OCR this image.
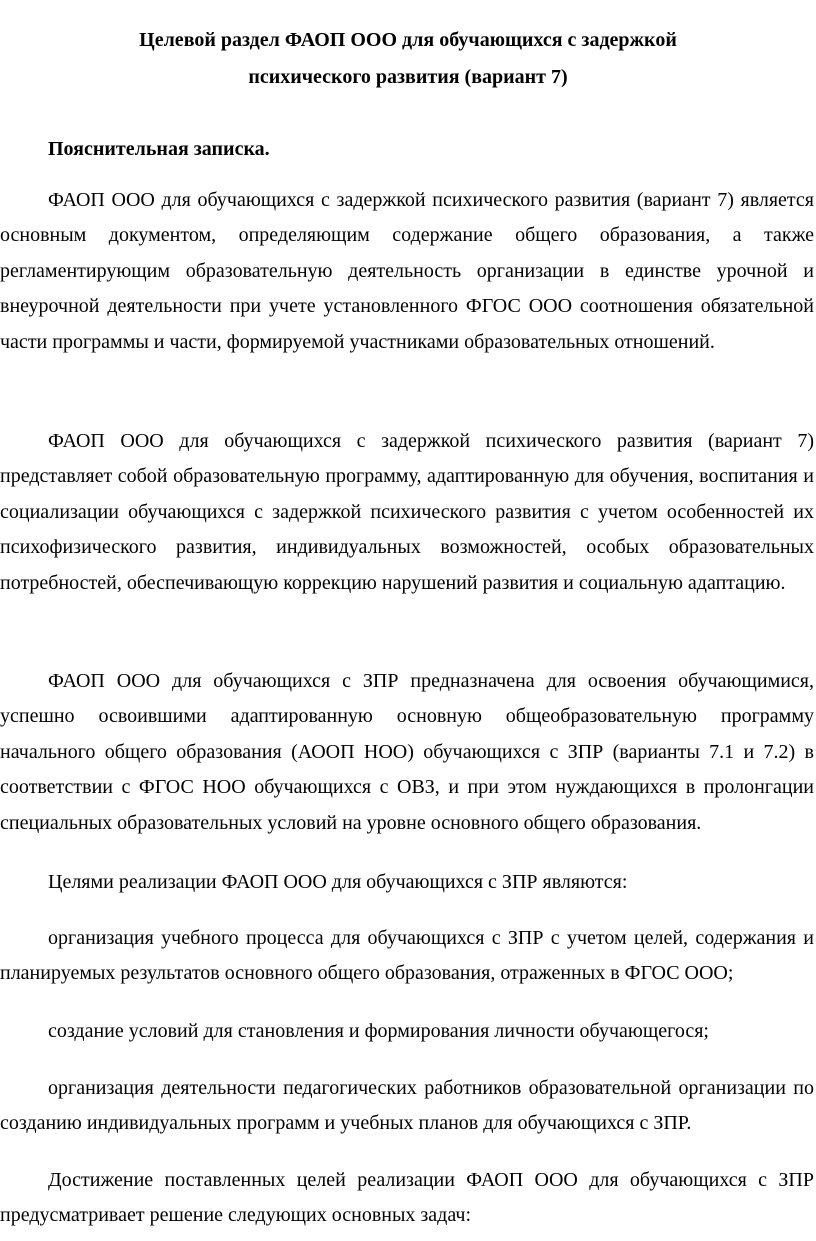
Целевой раздел ФАОП ООО для обучающихся с задержкой
психического развития (вариант 7)
Пояснительная записка.

ФАОП ООО для обучающихся с задержкой психического развития (вариант 7) является основным документом, определяющим содержание общего образования, а также регламентирующим образовательную деятельность организации в единстве урочной и внеурочной деятельности при учете установленного ФГОС ООО соотношения обязательной части программы и части, формируемой участниками образовательных отношений.

ФАОП ООО для обучающихся с задержкой психического развития (вариант 7) представляет собой образовательную программу, адаптированную для обучения, воспитания и социализации обучающихся с задержкой психического развития с учетом особенностей их психофизического развития, индивидуальных возможностей, особых образовательных потребностей, обеспечивающую коррекцию нарушений развития и социальную адаптацию.

ФАОП ООО для обучающихся с ЗПР предназначена для освоения обучающимися, успешно освоившими адаптированную основную общеобразовательную программу начального общего образования (АООП НОО) обучающихся с ЗПР (варианты 7.1 и 7.2) в соответствии с ФГОС НОО обучающихся с ОВЗ, и при этом нуждающихся в пролонгации специальных образовательных условий на уровне основного общего образования.

Целями реализации ФАОП ООО для обучающихся с ЗПР являются:

организация учебного процесса для обучающихся с ЗПР с учетом целей, содержания и планируемых результатов основного общего образования, отраженных в ФГОС ООО;

создание условий для становления и формирования личности обучающегося;

организация деятельности педагогических работников образовательной организации по созданию индивидуальных программ и учебных планов для обучающихся с ЗПР.

Достижение поставленных целей реализации ФАОП ООО для обучающихся с ЗПР предусматривает решение следующих основных задач:
